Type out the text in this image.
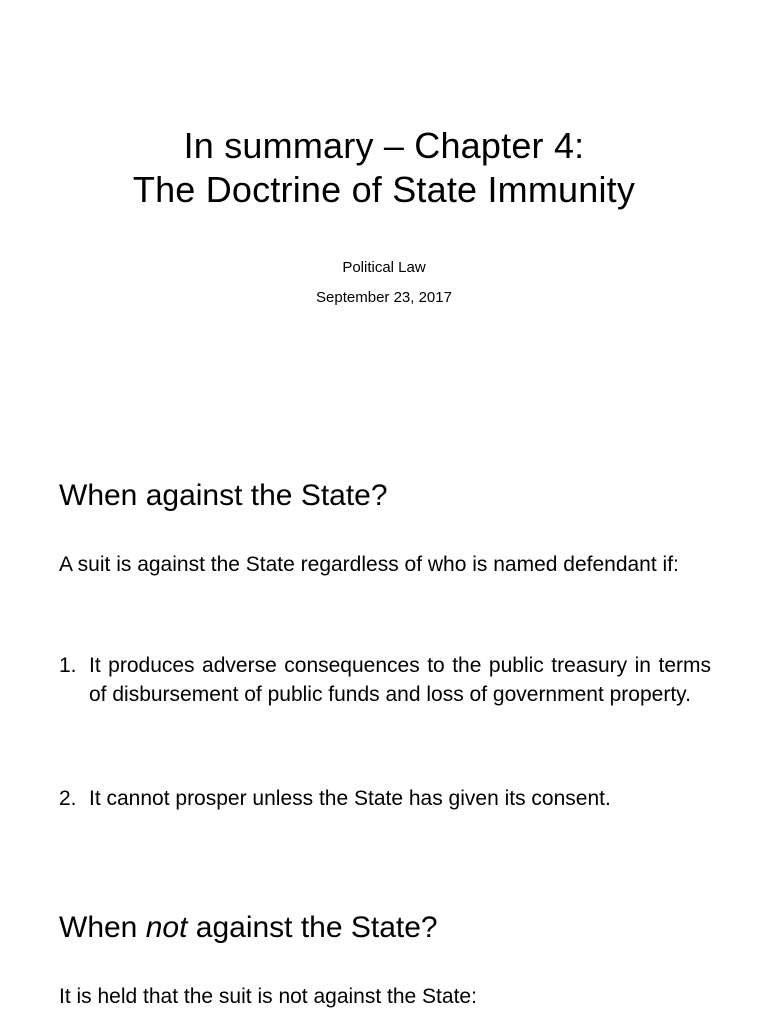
In summary – Chapter 4:
The Doctrine of State Immunity
Political Law
September 23, 2017
When against the State?
A suit is against the State regardless of who is named defendant if:
1. It produces adverse consequences to the public treasury in terms of disbursement of public funds and loss of government property.
2. It cannot prosper unless the State has given its consent.
When not against the State?
It is held that the suit is not against the State:
